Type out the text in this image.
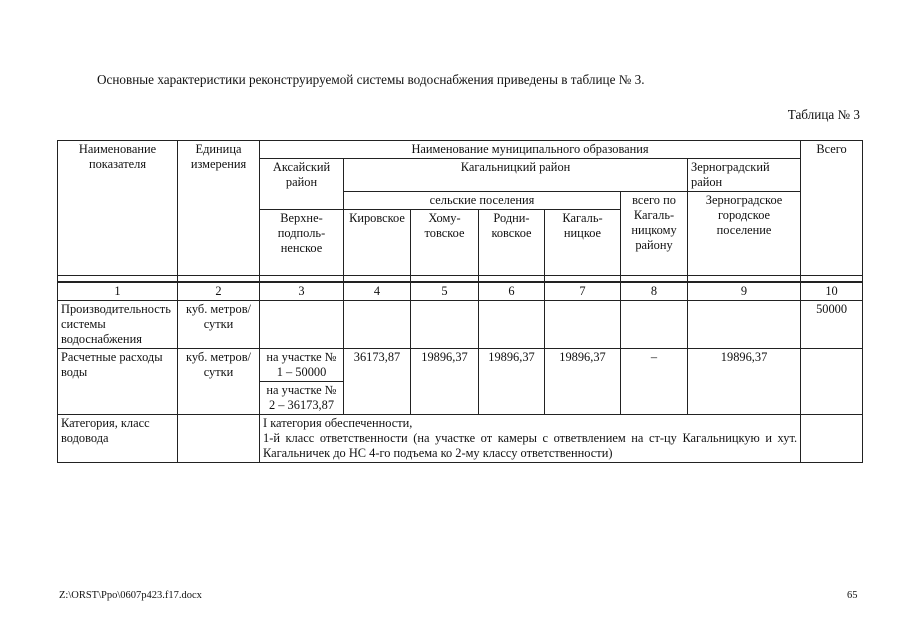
Основные характеристики реконструируемой системы водоснабжения приведены в таблице № 3.
Таблица № 3
Наименование показателя	Единица измерения	Наименование муниципального образования							Всего
		Аксайский район	Кагальницкий район					Зерноградский район	
			сельские поселения				всего по Кагальницкому району	Зерноградское городское поселение	
		Верхнеподпольненское	Кировское	Хомутовское	Родниковское	Кагальницкое			

1	2	3	4	5	6	7	8	9	10
Производительность системы водоснабжения	куб. метров/ сутки								50000
Расчетные расходы воды	куб. метров/ сутки	на участке № 1 – 50000	36173,87	19896,37	19896,37	19896,37	–	19896,37	
		на участке № 2 – 36173,87							
Категория, класс водовода		I категория обеспеченности,
1-й класс ответственности (на участке от камеры с ответвлением на ст-цу Кагальницкую и хут. Кагальничек до НС 4-го подъема ко 2-му классу ответственности)							

Z:\ORST\Ppo\0607p423.f17.docx	65
